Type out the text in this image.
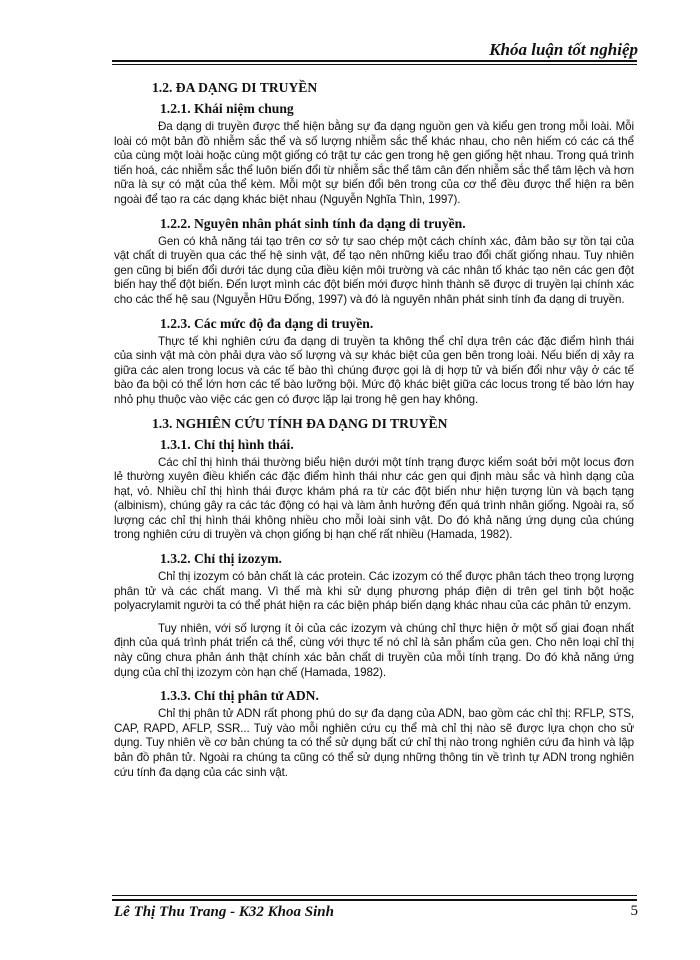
Khóa luận tốt nghiệp
1.2. ĐA DẠNG DI TRUYỀN
1.2.1. Khái niệm chung

Đa dạng di truyền được thể hiện bằng sự đa dạng nguồn gen và kiểu gen trong mỗi loài. Mỗi loài có một bản đồ nhiễm sắc thể và số lượng nhiễm sắc thể khác nhau, cho nên hiếm có các cá thể của cùng một loài hoặc cùng một giống có trật tự các gen trong hệ gen giống hệt nhau. Trong quá trình tiến hoá, các nhiễm sắc thể luôn biến đổi từ nhiễm sắc thể tâm cân đến nhiễm sắc thể tâm lệch và hơn nữa là sự có mặt của thể kèm. Mỗi một sự biến đổi bên trong của cơ thể đều được thể hiện ra bên ngoài để tạo ra các dạng khác biệt nhau (Nguyễn Nghĩa Thìn, 1997).

1.2.2. Nguyên nhân phát sinh tính đa dạng di truyền.

Gen có khả năng tái tạo trên cơ sở tự sao chép một cách chính xác, đảm bảo sự tồn tại của vật chất di truyền qua các thế hệ sinh vật, để tạo nên những kiểu trao đổi chất giống nhau. Tuy nhiên gen cũng bị biến đổi dưới tác dụng của điều kiện môi trường và các nhân tố khác tạo nên các gen đột biến hay thể đột biến. Đến lượt mình các đột biến mới được hình thành sẽ được di truyền lại chính xác cho các thế hệ sau (Nguyễn Hữu Đống, 1997) và đó là nguyên nhân phát sinh tính đa dạng di truyền.

1.2.3. Các mức độ đa dạng di truyền.

Thực tế khi nghiên cứu đa dạng di truyền ta không thể chỉ dựa trên các đặc điểm hình thái của sinh vật mà còn phải dựa vào số lượng và sự khác biệt của gen bên trong loài. Nếu biến dị xảy ra giữa các alen trong locus và các tế bào thì chúng được gọi là dị hợp tử và biến đổi như vậy ở các tế bào đa bội có thể lớn hơn các tế bào lưỡng bội. Mức độ khác biệt giữa các locus trong tế bào lớn hay nhỏ phụ thuộc vào việc các gen có được lặp lại trong hệ gen hay không.

1.3. NGHIÊN CỨU TÍNH ĐA DẠNG DI TRUYỀN
1.3.1. Chỉ thị hình thái.

Các chỉ thị hình thái thường biểu hiện dưới một tính trạng được kiểm soát bởi một locus đơn lẻ thường xuyên điều khiển các đặc điểm hình thái như các gen qui định màu sắc và hình dạng của hạt, vỏ. Nhiều chỉ thị hình thái được khám phá ra từ các đột biến như hiện tượng lùn và bạch tạng (albinism), chúng gây ra các tác động có hại và làm ảnh hưởng đến quá trình nhân giống. Ngoài ra, số lượng các chỉ thị hình thái không nhiều cho mỗi loài sinh vật. Do đó khả năng ứng dụng của chúng trong nghiên cứu di truyền và chọn giống bị hạn chế rất nhiều (Hamada, 1982).

1.3.2. Chỉ thị izozym.

Chỉ thị izozym có bản chất là các protein. Các izozym có thể được phân tách theo trọng lượng phân tử và các chất mang. Vì thế mà khi sử dụng phương pháp điện di trên gel tinh bột hoặc polyacrylamit người ta có thể phát hiện ra các biện pháp biến dạng khác nhau của các phân tử enzym.

Tuy nhiên, với số lượng ít ỏi của các izozym và chúng chỉ thực hiện ở một số giai đoạn nhất định của quá trình phát triển cá thể, cùng với thực tế nó chỉ là sản phẩm của gen. Cho nên loại chỉ thị này cũng chưa phản ánh thật chính xác bản chất di truyền của mỗi tính trạng. Do đó khả năng ứng dụng của chỉ thị izozym còn hạn chế (Hamada, 1982).

1.3.3. Chỉ thị phân tử ADN.

Chỉ thị phân tử ADN rất phong phú do sự đa dạng của ADN, bao gồm các chỉ thị: RFLP, STS, CAP, RAPD, AFLP, SSR... Tuỳ vào mỗi nghiên cứu cụ thể mà chỉ thị nào sẽ được lựa chọn cho sử dụng. Tuy nhiên về cơ bản chúng ta có thể sử dụng bất cứ chỉ thị nào trong nghiên cứu đa hình và lập bản đồ phân tử. Ngoài ra chúng ta cũng có thể sử dụng những thông tin về trình tự ADN trong nghiên cứu tính đa dạng của các sinh vật.

Lê Thị Thu Trang - K32 Khoa Sinh	5
